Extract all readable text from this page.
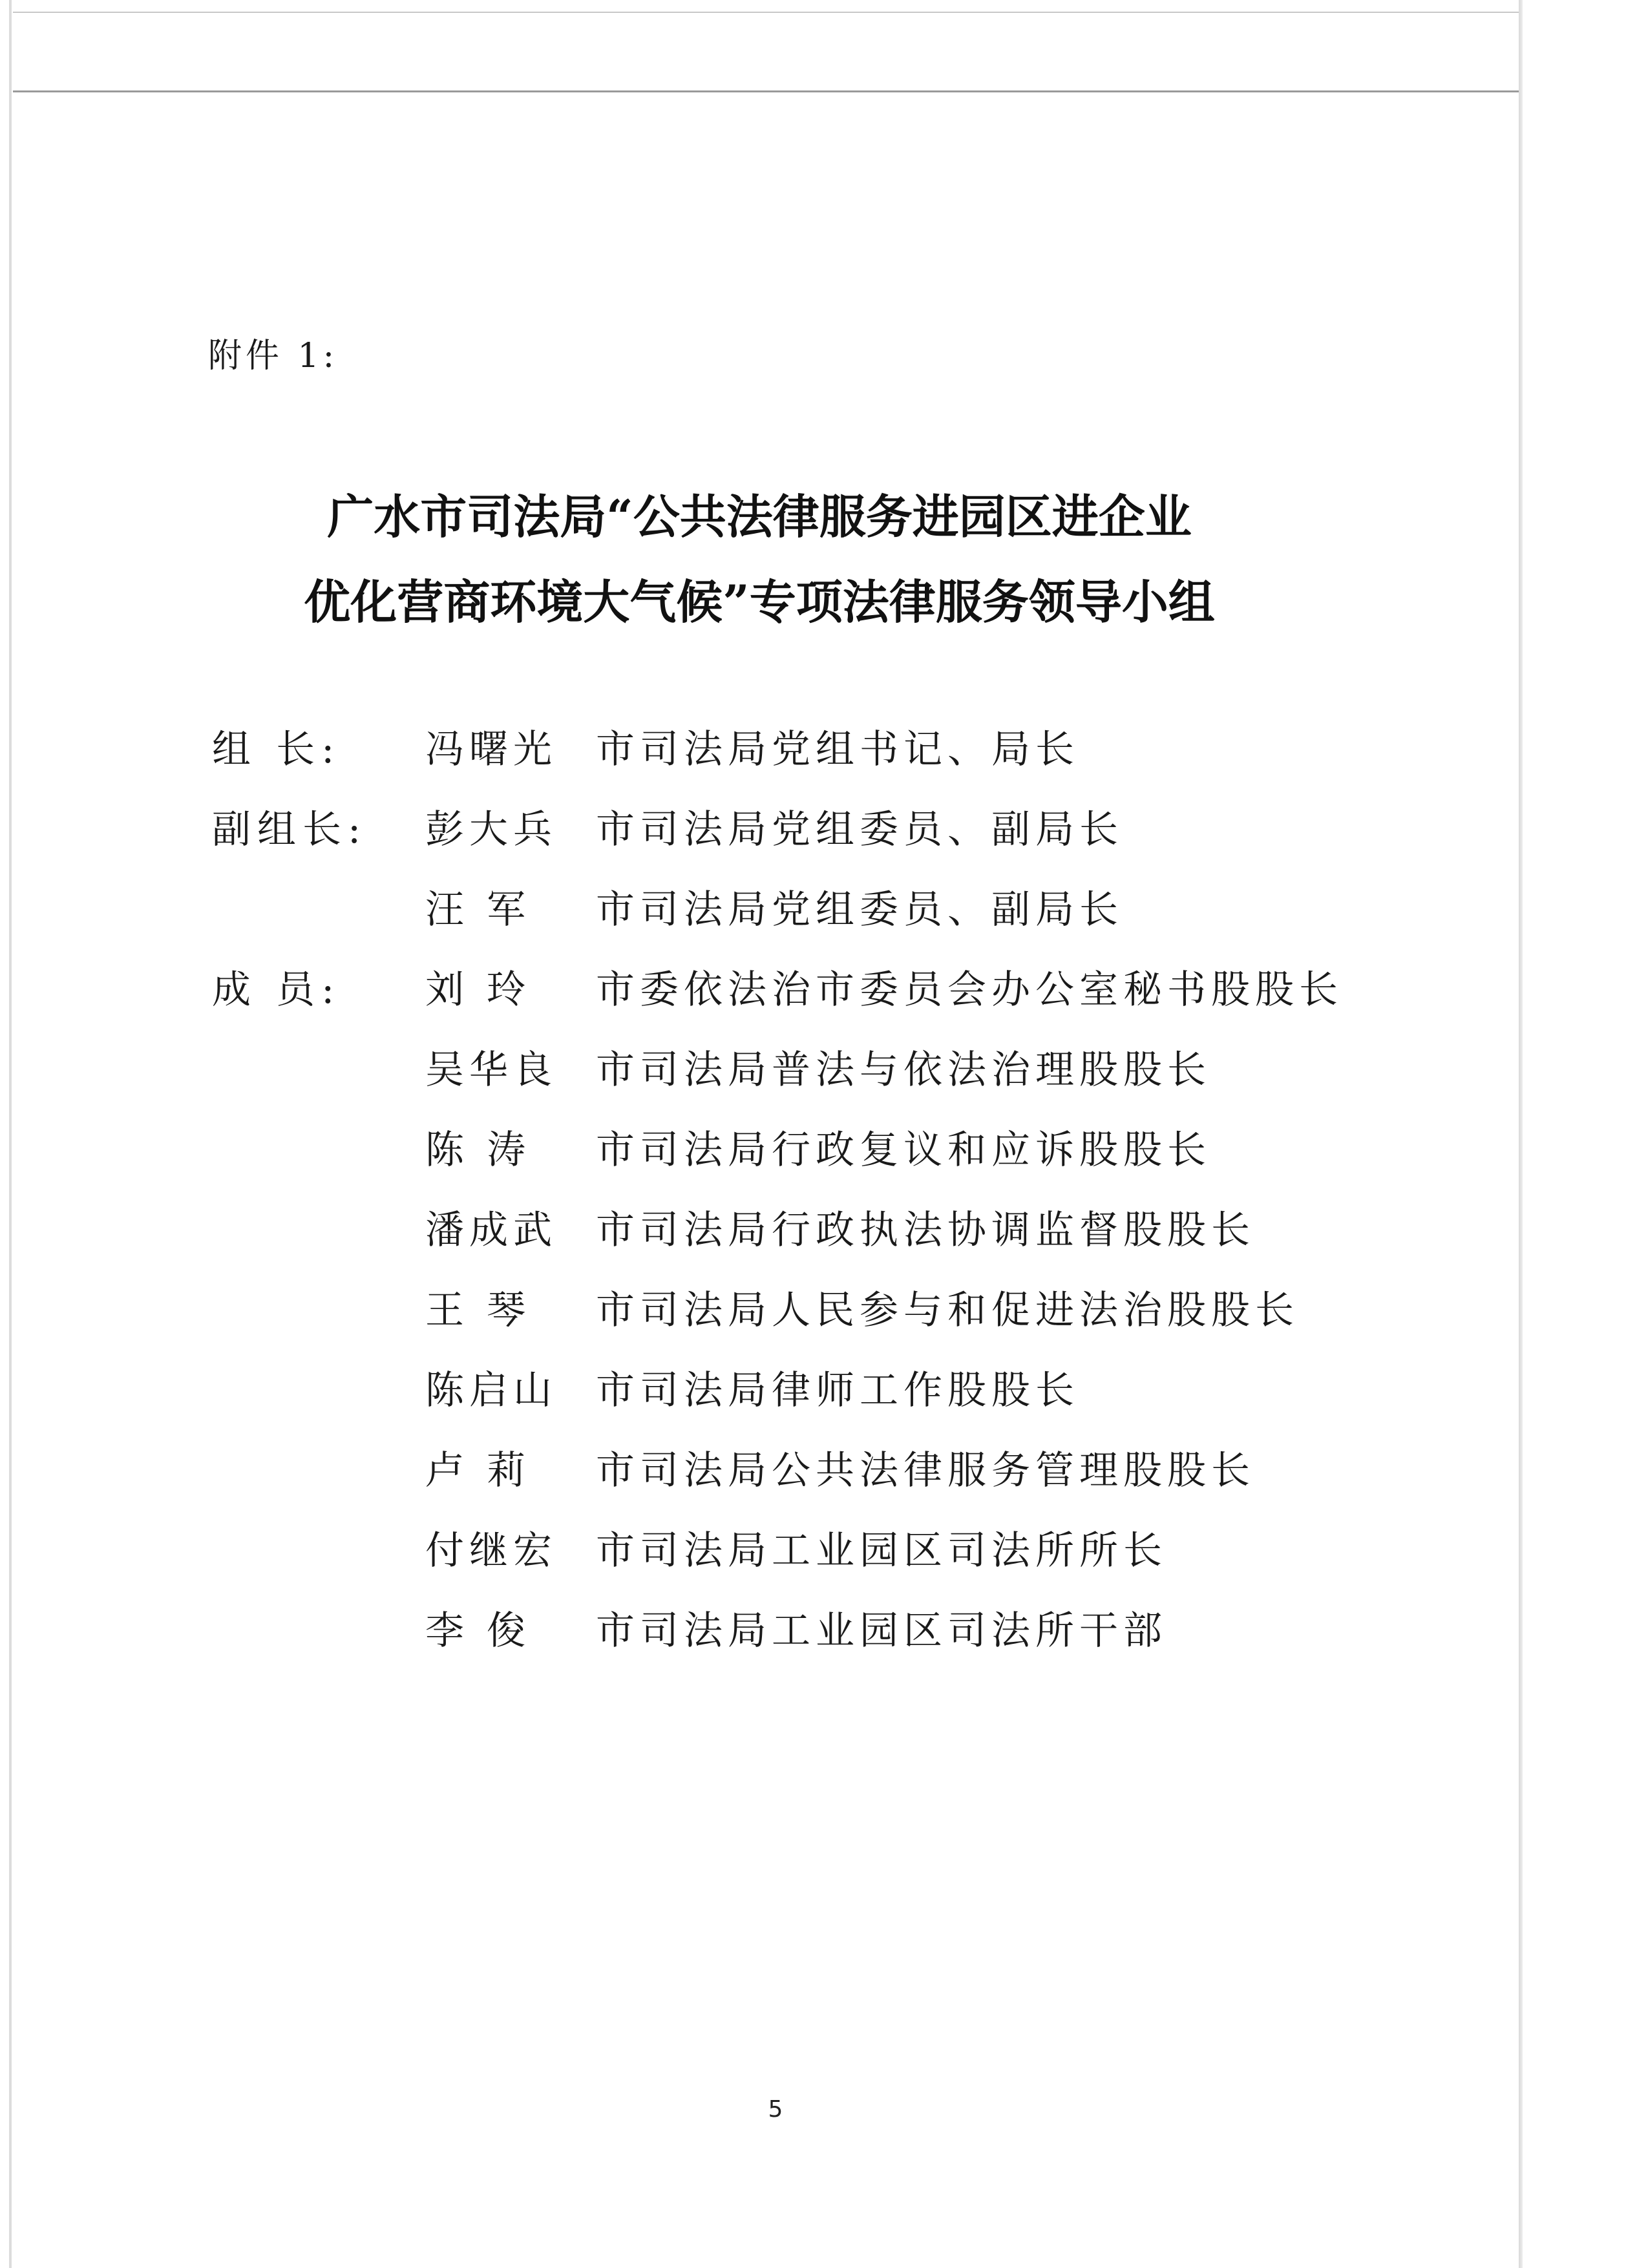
附件 1:
广水市司法局“公共法律服务进园区进企业
优化营商环境大气候”专项法律服务领导小组
组 长: 冯曙光 市司法局党组书记、局长
副组长: 彭大兵 市司法局党组委员、副局长
汪 军 市司法局党组委员、副局长
成 员: 刘 玲 市委依法治市委员会办公室秘书股股长
吴华良 市司法局普法与依法治理股股长
陈 涛 市司法局行政复议和应诉股股长
潘成武 市司法局行政执法协调监督股股长
王 琴 市司法局人民参与和促进法治股股长
陈启山 市司法局律师工作股股长
卢 莉 市司法局公共法律服务管理股股长
付继宏 市司法局工业园区司法所所长
李 俊 市司法局工业园区司法所干部
5
